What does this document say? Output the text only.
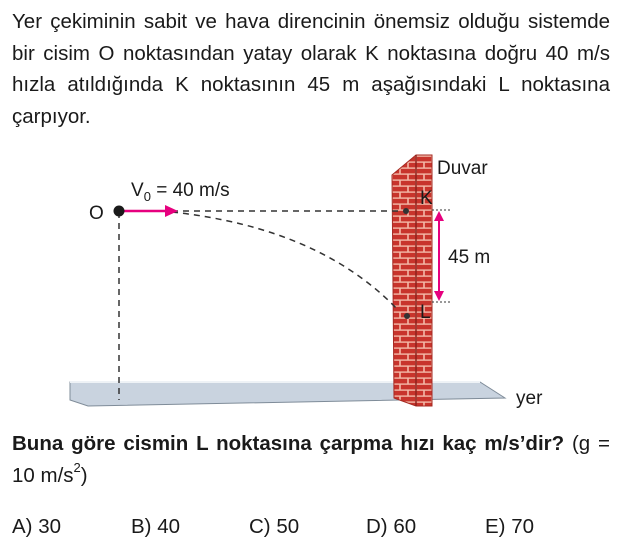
Yer çekiminin sabit ve hava direncinin önemsiz olduğu sistemde bir cisim O noktasından yatay olarak K noktasına doğru 40 m/s hızla atıldığında K noktasının 45 m aşağısındaki L noktasına çarpıyor.

O
$V_0 = 40$ m/s
Duvar
K
L
45 m
yer

Buna göre cismin L noktasına çarpma hızı kaç m/s’dir? (g = 10 $m/s^2$)

A) 30	B) 40	C) 50	D) 60	E) 70
